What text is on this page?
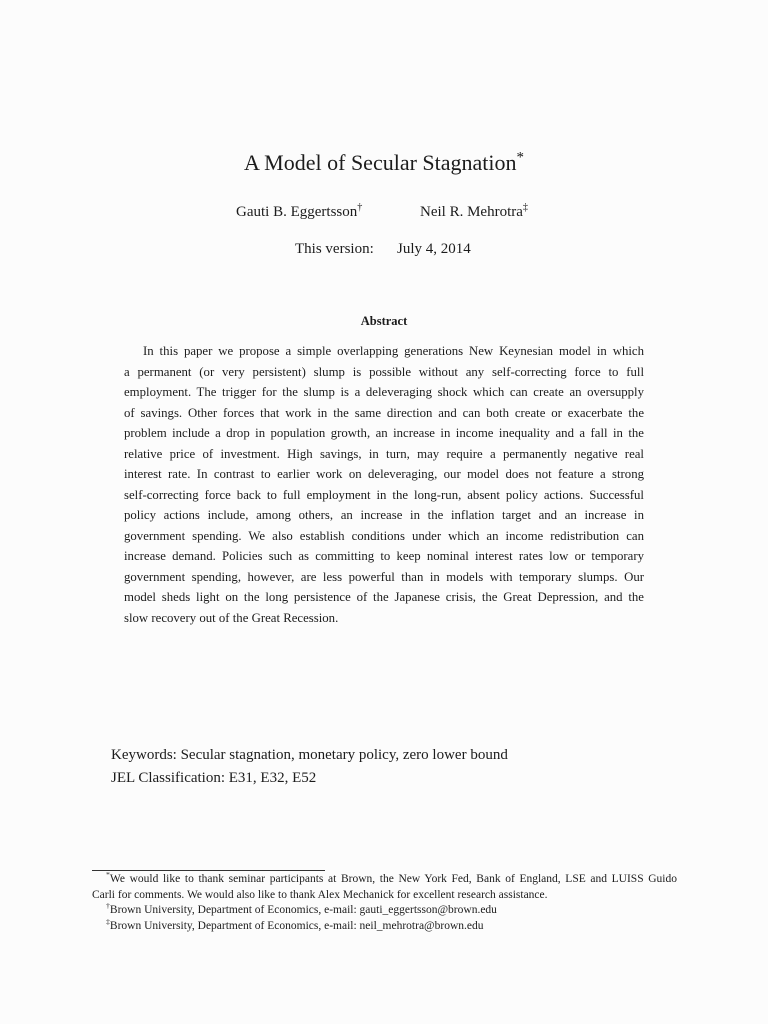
A Model of Secular Stagnation*
Gauti B. Eggertsson†	Neil R. Mehrotra‡
This version: July 4, 2014
Abstract
In this paper we propose a simple overlapping generations New Keynesian model in which
a permanent (or very persistent) slump is possible without any self-correcting force to full
employment. The trigger for the slump is a deleveraging shock which can create an oversupply
of savings. Other forces that work in the same direction and can both create or exacerbate the
problem include a drop in population growth, an increase in income inequality and a fall in the
relative price of investment. High savings, in turn, may require a permanently negative real
interest rate. In contrast to earlier work on deleveraging, our model does not feature a strong
self-correcting force back to full employment in the long-run, absent policy actions. Successful
policy actions include, among others, an increase in the inflation target and an increase in
government spending. We also establish conditions under which an income redistribution can
increase demand. Policies such as committing to keep nominal interest rates low or temporary
government spending, however, are less powerful than in models with temporary slumps. Our
model sheds light on the long persistence of the Japanese crisis, the Great Depression, and the
slow recovery out of the Great Recession.
Keywords: Secular stagnation, monetary policy, zero lower bound
JEL Classification: E31, E32, E52
*We would like to thank seminar participants at Brown, the New York Fed, Bank of England, LSE and LUISS Guido
Carli for comments. We would also like to thank Alex Mechanick for excellent research assistance.
†Brown University, Department of Economics, e-mail: gauti_eggertsson@brown.edu
‡Brown University, Department of Economics, e-mail: neil_mehrotra@brown.edu
